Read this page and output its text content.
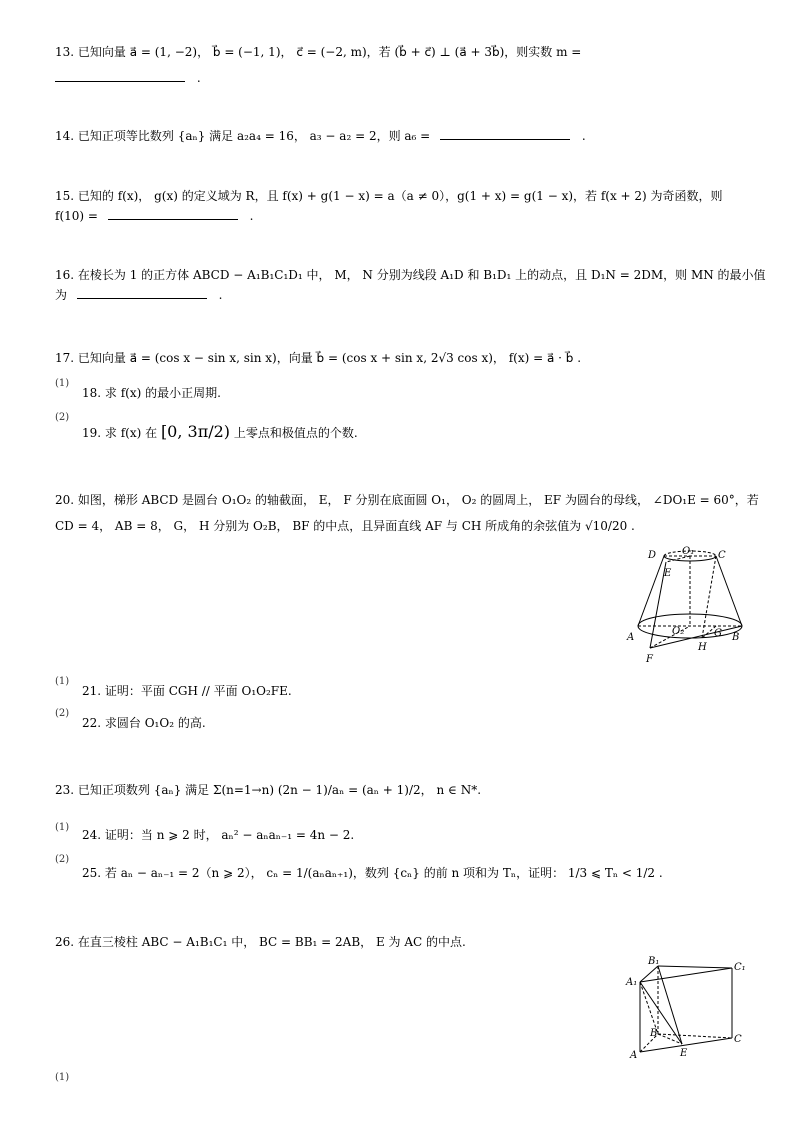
13. 已知向量 a⃗ = (1, −2)， b⃗ = (−1, 1)， c⃗ = (−2, m)，若 (b⃗ + c⃗) ⊥ (a⃗ + 3b⃗)，则实数 m =
.
14. 已知正项等比数列 {aₙ} 满足 a₂a₄ = 16， a₃ − a₂ = 2，则 a₆ =	.
15. 已知的 f(x)， g(x) 的定义域为 R，且 f(x) + g(1 − x) = a（a ≠ 0），g(1 + x) = g(1 − x)，若 f(x + 2) 为奇函数，则
f(10) =	.
16. 在棱长为 1 的正方体 ABCD − A₁B₁C₁D₁ 中， M， N 分别为线段 A₁D 和 B₁D₁ 上的动点，且 D₁N = 2DM，则 MN 的最小值
为	.
17. 已知向量 a⃗ = (cos x − sin x, sin x)，向量 b⃗ = (cos x + sin x, 2√3 cos x)， f(x) = a⃗ · b⃗ .
(1)
18. 求 f(x) 的最小正周期.
(2)
19. 求 f(x) 在 [0, 3π/2) 上零点和极值点的个数.
20. 如图，梯形 ABCD 是圆台 O₁O₂ 的轴截面， E， F 分别在底面圆 O₁， O₂ 的圆周上， EF 为圆台的母线， ∠DO₁E = 60°，若
CD = 4， AB = 8， G， H 分别为 O₂B， BF 的中点，且异面直线 AF 与 CH 所成角的余弦值为 √10/20 .
D	O₁ C
E
A
O₂	G B
F
H
(1)
21. 证明：平面 CGH // 平面 O₁O₂FE.
(2)
22. 求圆台 O₁O₂ 的高.
23. 已知正项数列 {aₙ} 满足 Σ(n=1→n) (2n − 1)/aₙ = (aₙ + 1)/2， n ∈ N*.
(1)
24. 证明：当 n ⩾ 2 时， aₙ² − aₙaₙ₋₁ = 4n − 2.
(2)
25. 若 aₙ − aₙ₋₁ = 2（n ⩾ 2）， cₙ = 1/(aₙaₙ₊₁)，数列 {cₙ} 的前 n 项和为 Tₙ，证明： 1/3 ⩽ Tₙ < 1/2 .
26. 在直三棱柱 ABC − A₁B₁C₁ 中， BC = BB₁ = 2AB， E 为 AC 的中点.
B₁
C₁
A₁
B
A	E
C
(1)
